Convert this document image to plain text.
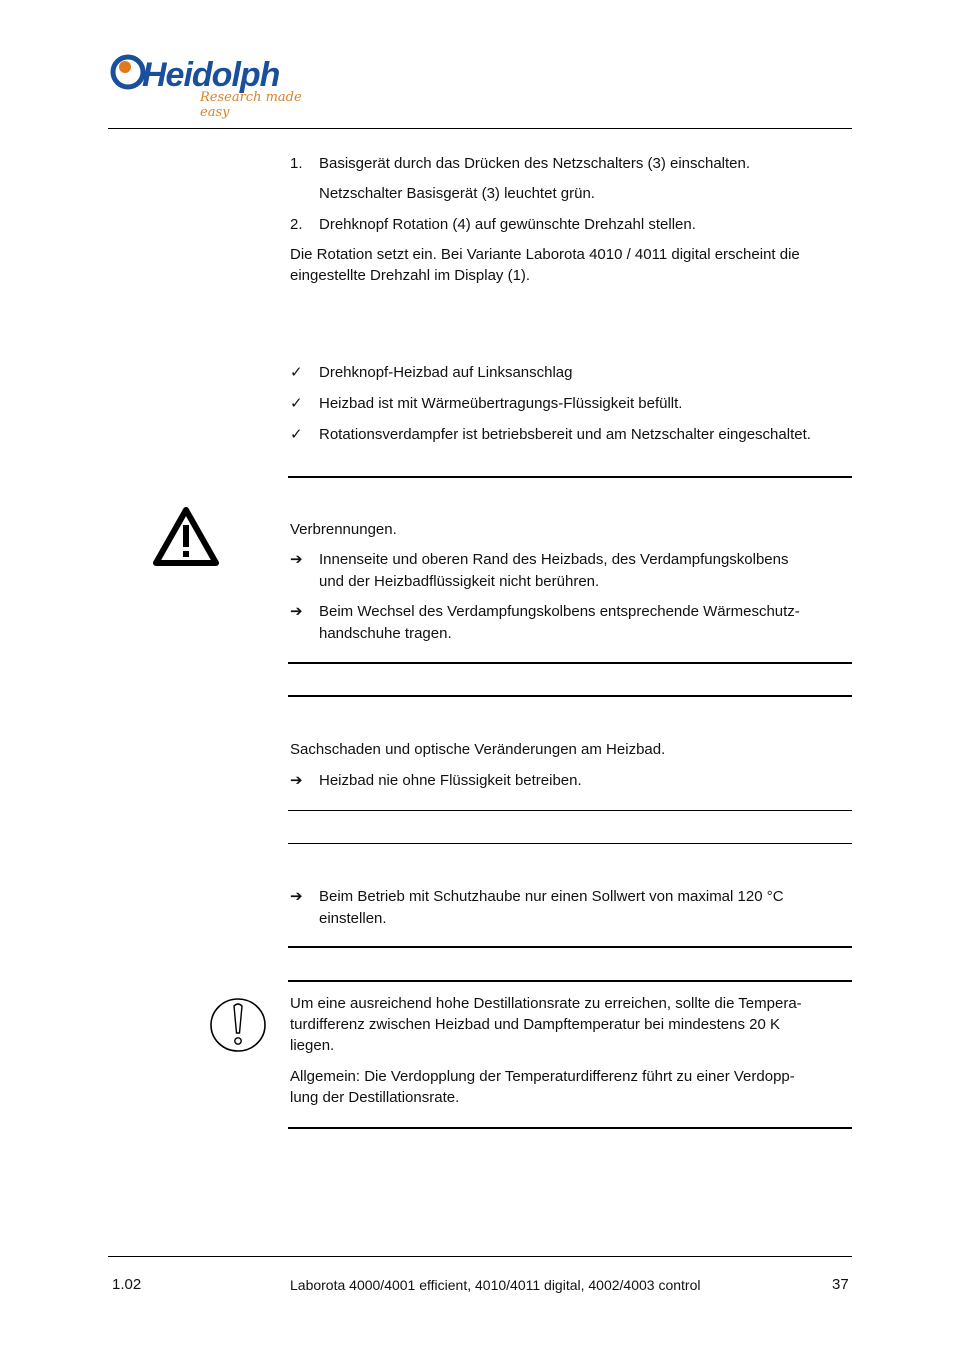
Heidolph
Research made easy
1.	Basisgerät durch das Drücken des Netzschalters (3) einschalten.
Netzschalter Basisgerät (3) leuchtet grün.
2.	Drehknopf Rotation (4) auf gewünschte Drehzahl stellen.
Die Rotation setzt ein. Bei Variante Laborota 4010 / 4011 digital erscheint die
eingestellte Drehzahl im Display (1).
✓	Drehknopf-Heizbad auf Linksanschlag
✓	Heizbad ist mit Wärmeübertragungs-Flüssigkeit befüllt.
✓	Rotationsverdampfer ist betriebsbereit und am Netzschalter eingeschaltet.
Verbrennungen.
➔	Innenseite und oberen Rand des Heizbads, des Verdampfungskolbens
und der Heizbadflüssigkeit nicht berühren.
➔	Beim Wechsel des Verdampfungskolbens entsprechende Wärmeschutz-
handschuhe tragen.
Sachschaden und optische Veränderungen am Heizbad.
➔	Heizbad nie ohne Flüssigkeit betreiben.
➔	Beim Betrieb mit Schutzhaube nur einen Sollwert von maximal 120 °C
einstellen.
Um eine ausreichend hohe Destillationsrate zu erreichen, sollte die Tempera-
turdifferenz zwischen Heizbad und Dampftemperatur bei mindestens 20 K
liegen.
Allgemein: Die Verdopplung der Temperaturdifferenz führt zu einer Verdopp-
lung der Destillationsrate.
1.02	Laborota 4000/4001 efficient, 4010/4011 digital, 4002/4003 control	37
